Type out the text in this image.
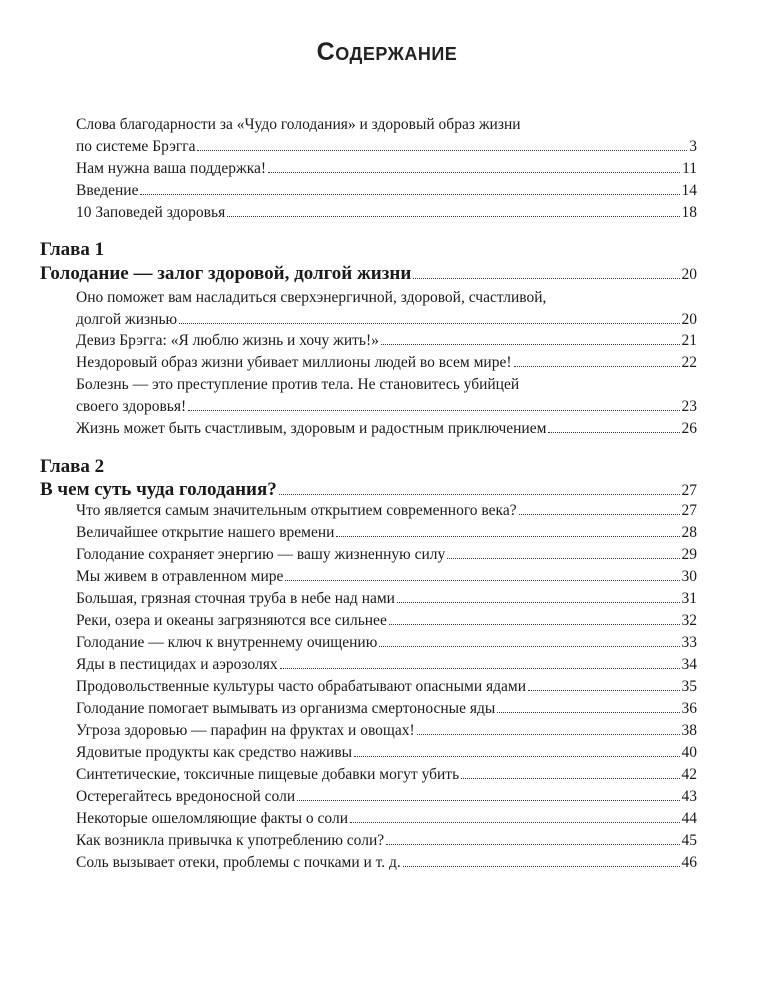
Содержание
Слова благодарности за «Чудо голодания» и здоровый образ жизни
по системе Брэгга	3
Нам нужна ваша поддержка!	11
Введение	14
10 Заповедей здоровья	18
Глава 1
Голодание — залог здоровой, долгой жизни	20
Оно поможет вам насладиться сверхэнергичной, здоровой, счастливой,
долгой жизнью	20
Девиз Брэгга: «Я люблю жизнь и хочу жить!»	21
Нездоровый образ жизни убивает миллионы людей во всем мире!	22
Болезнь — это преступление против тела. Не становитесь убийцей
своего здоровья!	23
Жизнь может быть счастливым, здоровым и радостным приключением	26
Глава 2
В чем суть чуда голодания?	27
Что является самым значительным открытием современного века?	27
Величайшее открытие нашего времени	28
Голодание сохраняет энергию — вашу жизненную силу	29
Мы живем в отравленном мире	30
Большая, грязная сточная труба в небе над нами	31
Реки, озера и океаны загрязняются все сильнее	32
Голодание — ключ к внутреннему очищению	33
Яды в пестицидах и аэрозолях	34
Продовольственные культуры часто обрабатывают опасными ядами	35
Голодание помогает вымывать из организма смертоносные яды	36
Угроза здоровью — парафин на фруктах и овощах!	38
Ядовитые продукты как средство наживы	40
Синтетические, токсичные пищевые добавки могут убить	42
Остерегайтесь вредоносной соли	43
Некоторые ошеломляющие факты о соли	44
Как возникла привычка к употреблению соли?	45
Соль вызывает отеки, проблемы с почками и т. д.	46
